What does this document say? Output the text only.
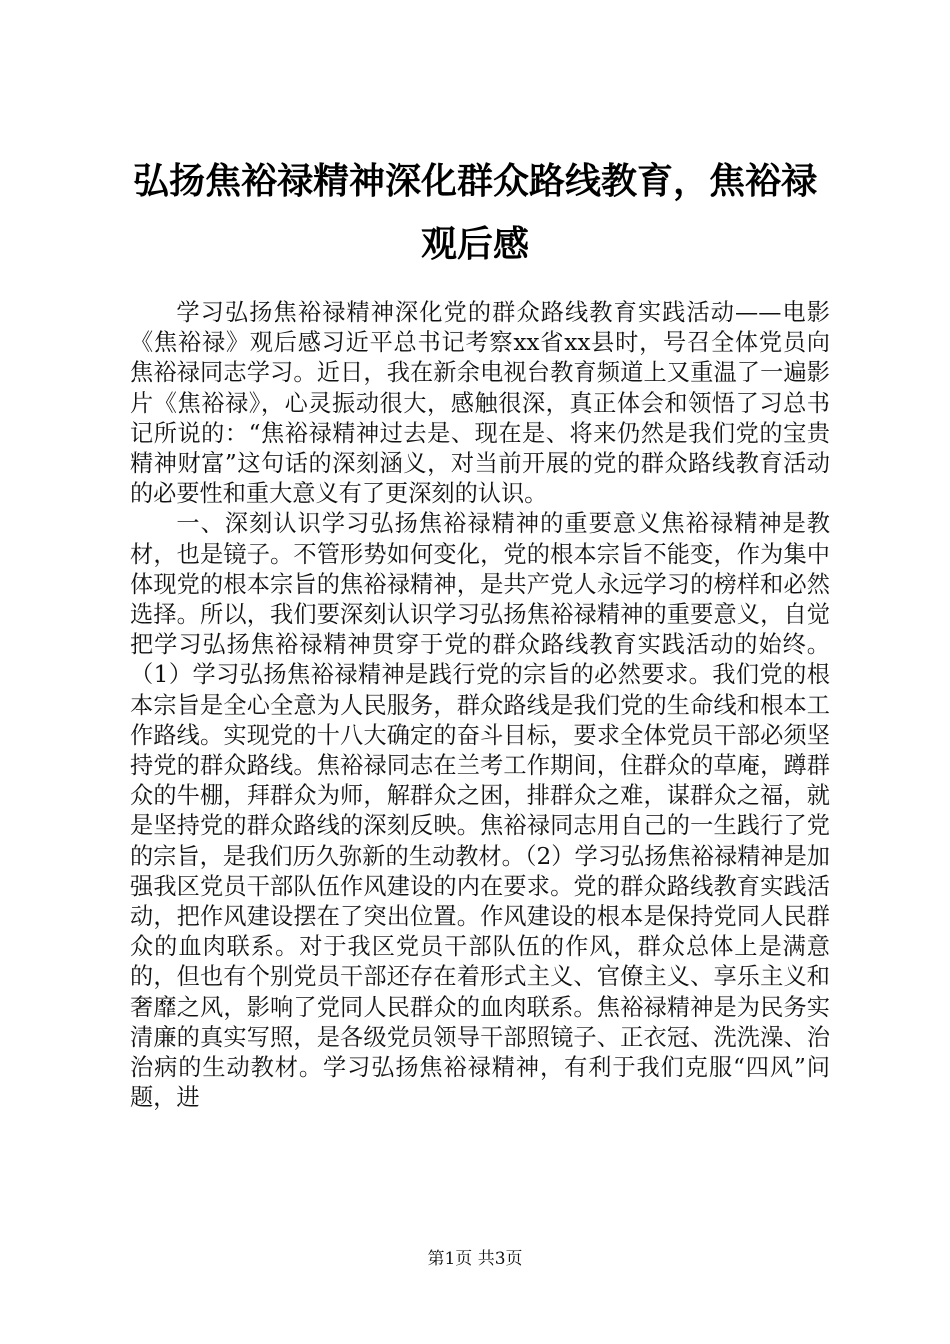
弘扬焦裕禄精神深化群众路线教育，焦裕禄观后感

学习弘扬焦裕禄精神深化党的群众路线教育实践活动——电影《焦裕禄》观后感习近平总书记考察xx省xx县时，号召全体党员向焦裕禄同志学习。近日，我在新余电视台教育频道上又重温了一遍影片《焦裕禄》，心灵振动很大，感触很深，真正体会和领悟了习总书记所说的：“焦裕禄精神过去是、现在是、将来仍然是我们党的宝贵精神财富”这句话的深刻涵义，对当前开展的党的群众路线教育活动的必要性和重大意义有了更深刻的认识。

一、深刻认识学习弘扬焦裕禄精神的重要意义焦裕禄精神是教材，也是镜子。不管形势如何变化，党的根本宗旨不能变，作为集中体现党的根本宗旨的焦裕禄精神，是共产党人永远学习的榜样和必然选择。所以，我们要深刻认识学习弘扬焦裕禄精神的重要意义，自觉把学习弘扬焦裕禄精神贯穿于党的群众路线教育实践活动的始终。（1）学习弘扬焦裕禄精神是践行党的宗旨的必然要求。我们党的根本宗旨是全心全意为人民服务，群众路线是我们党的生命线和根本工作路线。实现党的十八大确定的奋斗目标，要求全体党员干部必须坚持党的群众路线。焦裕禄同志在兰考工作期间，住群众的草庵，蹲群众的牛棚，拜群众为师，解群众之困，排群众之难，谋群众之福，就是坚持党的群众路线的深刻反映。焦裕禄同志用自己的一生践行了党的宗旨，是我们历久弥新的生动教材。（2）学习弘扬焦裕禄精神是加强我区党员干部队伍作风建设的内在要求。党的群众路线教育实践活动，把作风建设摆在了突出位置。作风建设的根本是保持党同人民群众的血肉联系。对于我区党员干部队伍的作风，群众总体上是满意的，但也有个别党员干部还存在着形式主义、官僚主义、享乐主义和奢靡之风，影响了党同人民群众的血肉联系。焦裕禄精神是为民务实清廉的真实写照，是各级党员领导干部照镜子、正衣冠、洗洗澡、治治病的生动教材。学习弘扬焦裕禄精神，有利于我们克服“四风”问题，进

第1页 共3页
